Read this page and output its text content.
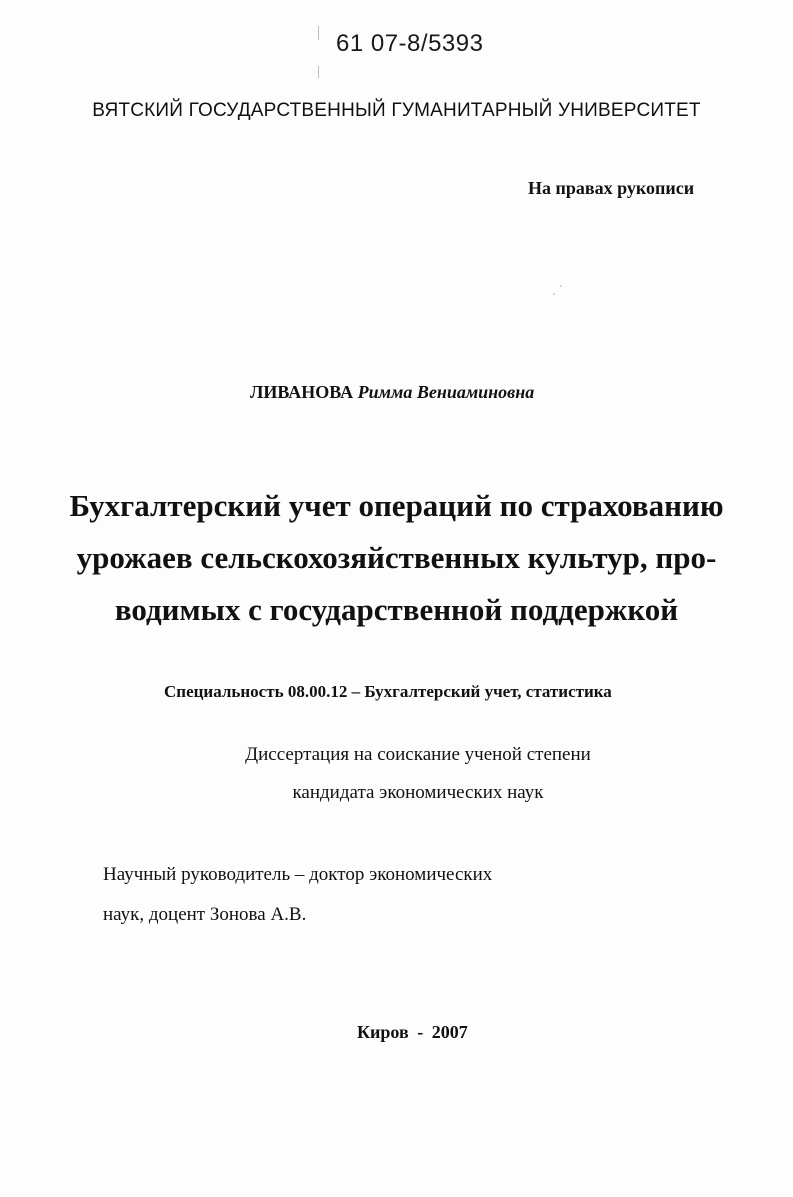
61 07-8/5393
ВЯТСКИЙ ГОСУДАРСТВЕННЫЙ ГУМАНИТАРНЫЙ УНИВЕРСИТЕТ
На правах рукописи
ЛИВАНОВА Римма Вениаминовна
Бухгалтерский учет операций по страхованию
урожаев сельскохозяйственных культур, про-
водимых с государственной поддержкой
Специальность 08.00.12 – Бухгалтерский учет, статистика
Диссертация на соискание ученой степени
кандидата экономических наук
Научный руководитель – доктор экономических
наук, доцент Зонова А.В.
Киров - 2007
